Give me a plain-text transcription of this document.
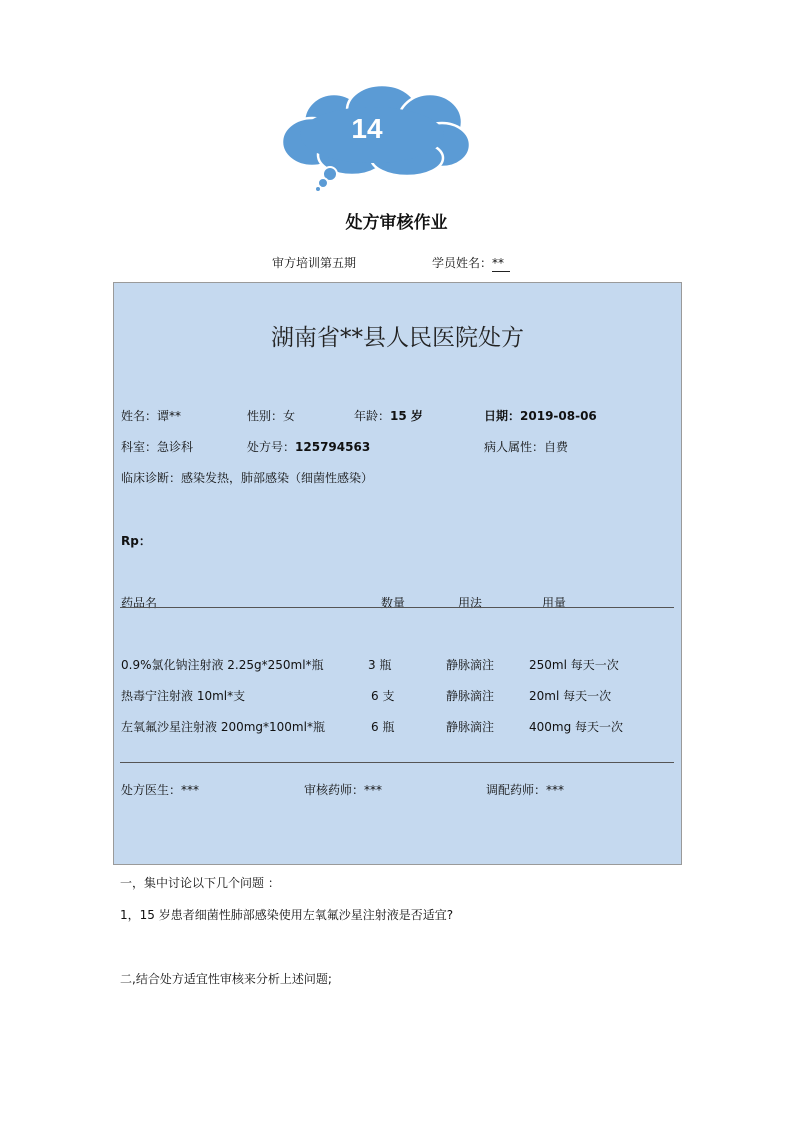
14
处方审核作业
审方培训第五期	学员姓名：**
湖南省**县人民医院处方
姓名：谭**	性别：女	年龄：15 岁	日期：2019-08-06
科室：急诊科	处方号：125794563	病人属性：自费
临床诊断：感染发热，肺部感染（细菌性感染）
Rp：
药品名	数量	用法	用量
0.9%氯化钠注射液 2.25g*250ml*瓶	3 瓶	静脉滴注	250ml 每天一次
热毒宁注射液 10ml*支	6 支	静脉滴注	20ml 每天一次
左氧氟沙星注射液 200mg*100ml*瓶	6 瓶	静脉滴注	400mg 每天一次
处方医生：***	审核药师：***	调配药师：***
一，集中讨论以下几个问题 ：
1，15 岁患者细菌性肺部感染使用左氧氟沙星注射液是否适宜?
二,结合处方适宜性审核来分析上述问题;
